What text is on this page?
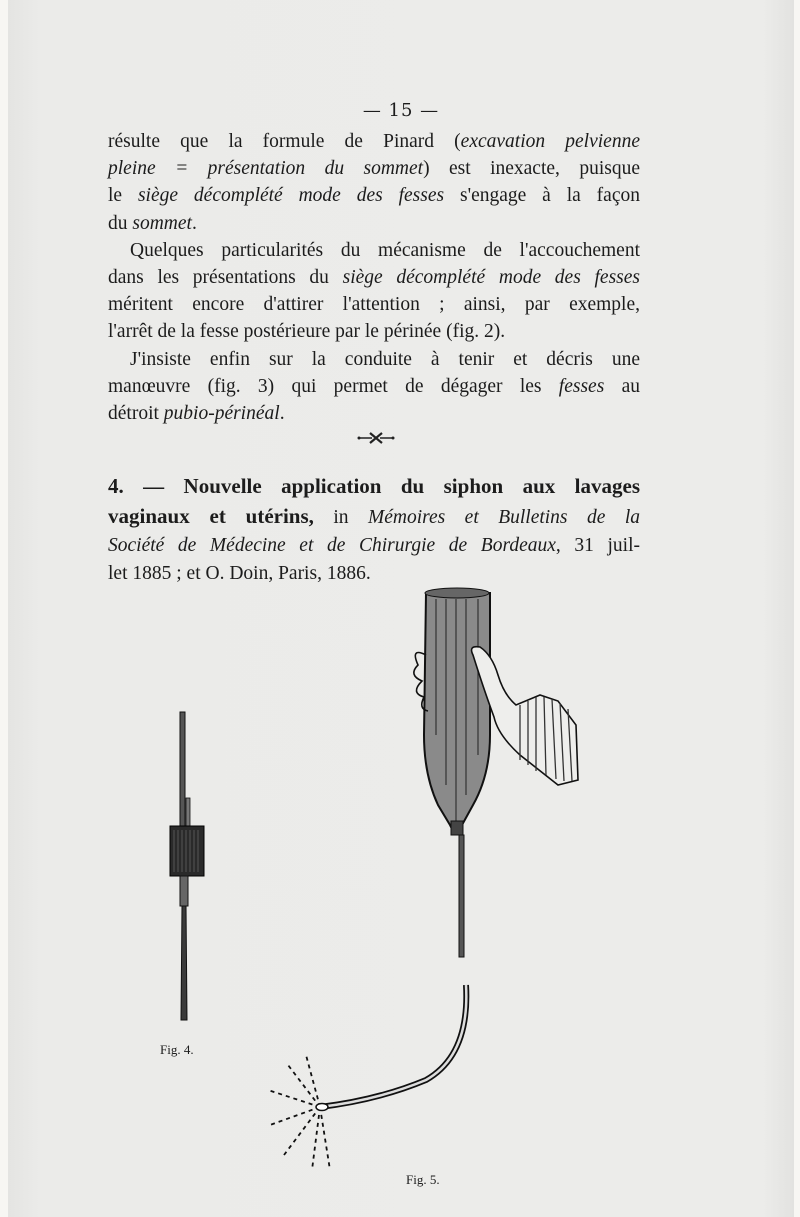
— 15 —

résulte que la formule de Pinard (excavation pelvienne

pleine = présentation du sommet) est inexacte, puisque

le siège décomplété mode des fesses s'engage à la façon

du sommet.

Quelques particularités du mécanisme de l'accouchement

dans les présentations du siège décomplété mode des fesses

méritent encore d'attirer l'attention ; ainsi, par exemple,

l'arrêt de la fesse postérieure par le périnée (fig. 2).

J'insiste enfin sur la conduite à tenir et décris une

manœuvre (fig. 3) qui permet de dégager les fesses au

détroit pubio-périnéal.

4. — Nouvelle application du siphon aux lavages
vaginaux et utérins, in Mémoires et Bulletins de la
Société de Médecine et de Chirurgie de Bordeaux, 31 juil-
let 1885 ; et O. Doin, Paris, 1886.
Fig. 4.
Fig. 5.
